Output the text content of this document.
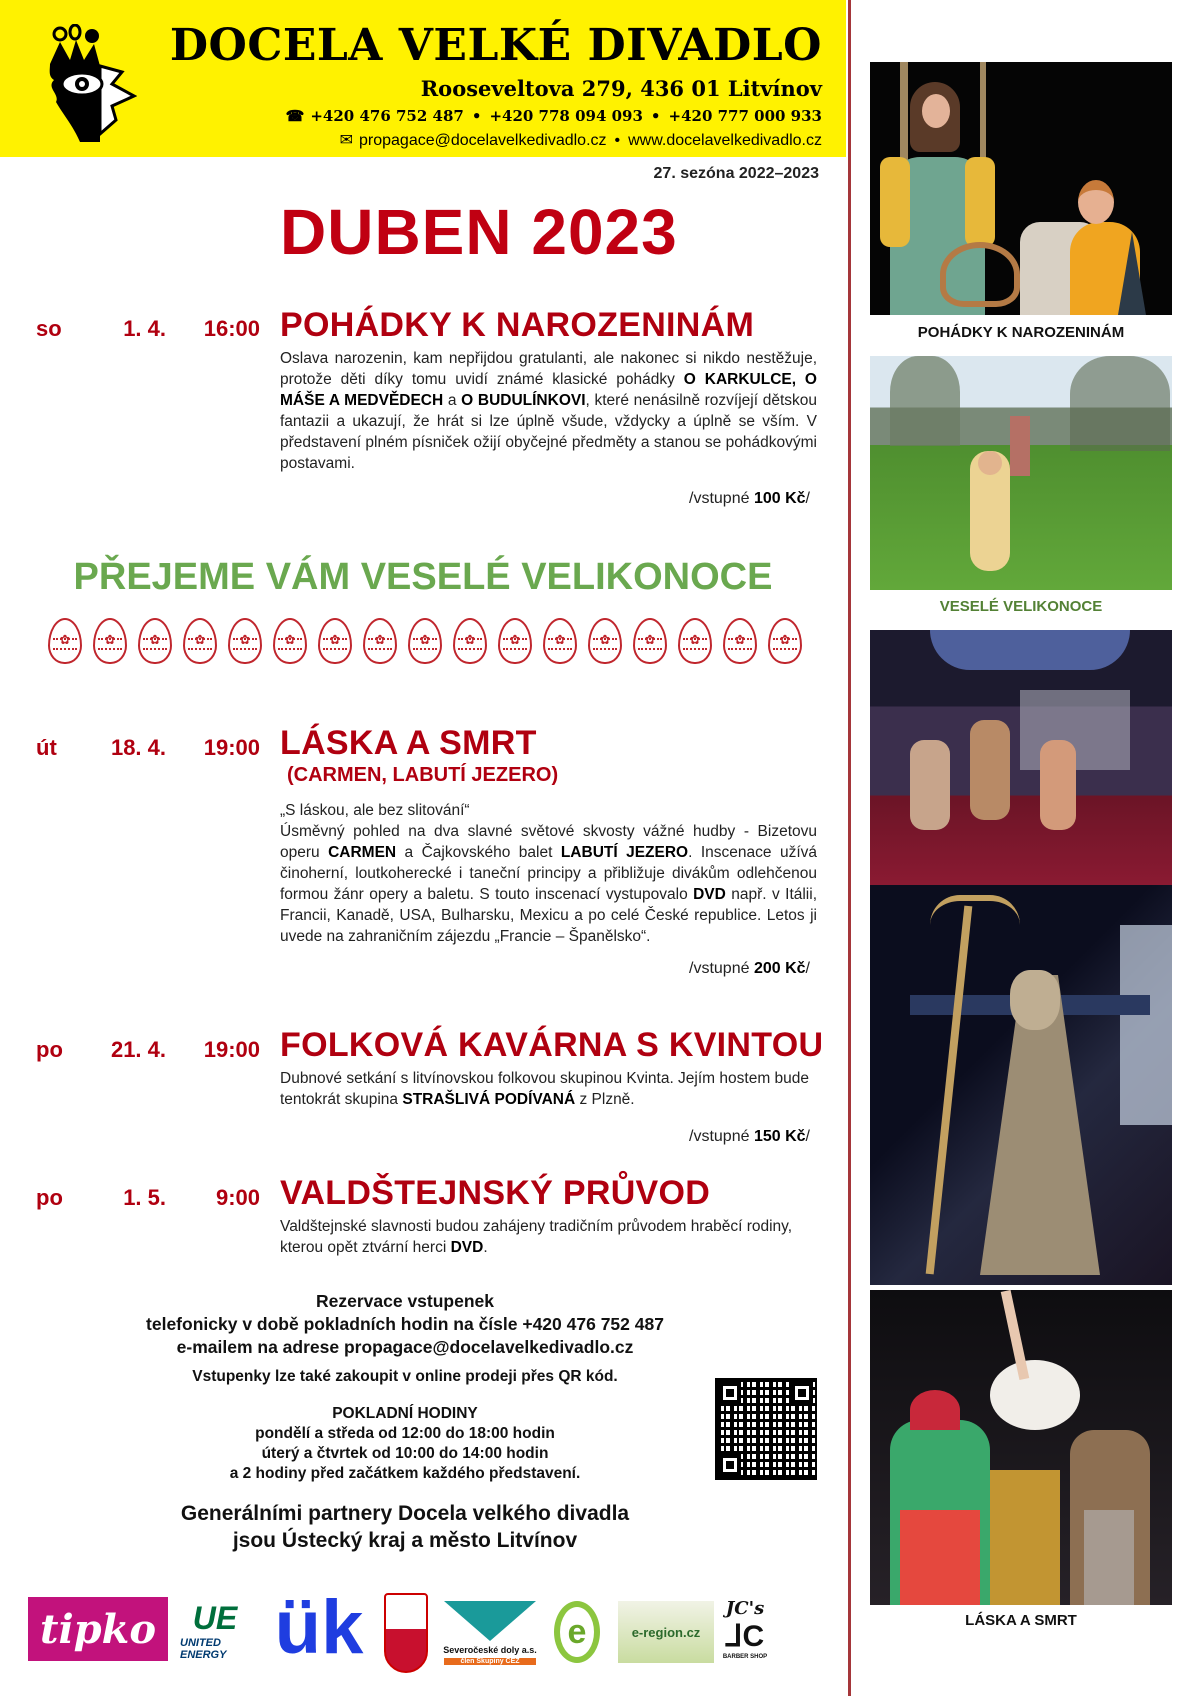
DOCELA VELKÉ DIVADLO
Rooseveltova 279, 436 01 Litvínov
☎ +420 476 752 487 • +420 778 094 093 • +420 777 000 933
✉ propagace@docelavelkedivadlo.cz • www.docelavelkedivadlo.cz
27. sezóna 2022–2023
DUBEN 2023
so	1. 4.	16:00 POHÁDKY K NAROZENINÁM
Oslava narozenin, kam nepřijdou gratulanti, ale nakonec si nikdo nestěžuje, protože děti díky tomu uvidí známé klasické pohádky O KARKULCE, O MÁŠE A MEDVĚDECH a O BUDULÍNKOVI, které nenásilně rozvíjejí dětskou fantazii a ukazují, že hrát si lze úplně všude, vždycky a úplně se vším. V představení plném písniček ožijí obyčejné předměty a stanou se pohádkovými postavami.
/vstupné 100 Kč/
PŘEJEME VÁM VESELÉ VELIKONOCE
✿
✿
✿
✿
✿
✿
✿
✿
✿
✿
✿
✿
✿
✿
✿
✿
✿
út	18. 4.	19:00 LÁSKA A SMRT
(CARMEN, LABUTÍ JEZERO)
„S láskou, ale bez slitování“
Úsměvný pohled na dva slavné světové skvosty vážné hudby - Bizetovu operu CARMEN a Čajkovského balet LABUTÍ JEZERO. Inscenace užívá činoherní, loutkoherecké i taneční principy a přibližuje divákům odlehčenou formou žánr opery a baletu. S touto inscenací vystupovalo DVD např. v Itálii, Francii, Kanadě, USA, Bulharsku, Mexicu a po celé České republice. Letos ji uvede na zahraničním zájezdu „Francie – Španělsko“.
/vstupné 200 Kč/
po	21. 4.	19:00 FOLKOVÁ KAVÁRNA S KVINTOU
Dubnové setkání s litvínovskou folkovou skupinou Kvinta. Jejím hostem bude tentokrát skupina STRAŠLIVÁ PODÍVANÁ z Plzně.
/vstupné 150 Kč/
po	1. 5.	9:00 VALDŠTEJNSKÝ PRŮVOD
Valdštejnské slavnosti budou zahájeny tradičním průvodem hraběcí rodiny, kterou opět ztvární herci DVD.
Rezervace vstupenek
telefonicky v době pokladních hodin na čísle +420 476 752 487
e-mailem na adrese propagace@docelavelkedivadlo.cz
Vstupenky lze také zakoupit v online prodeji přes QR kód.
POKLADNÍ HODINY
pondělí a středa od 12:00 do 18:00 hodin
úterý a čtvrtek od 10:00 do 14:00 hodin
a 2 hodiny před začátkem každého představení.
Generálními partnery Docela velkého divadla
jsou Ústecký kraj a město Litvínov
tipko	UE
UNITED ENERGY ük	Severočeské doly a.s.
člen Skupiny ČEZ
e	e-region.cz
JC's
⅃C
BARBER SHOP
POHÁDKY K NAROZENINÁM
VESELÉ VELIKONOCE
LÁSKA A SMRT
